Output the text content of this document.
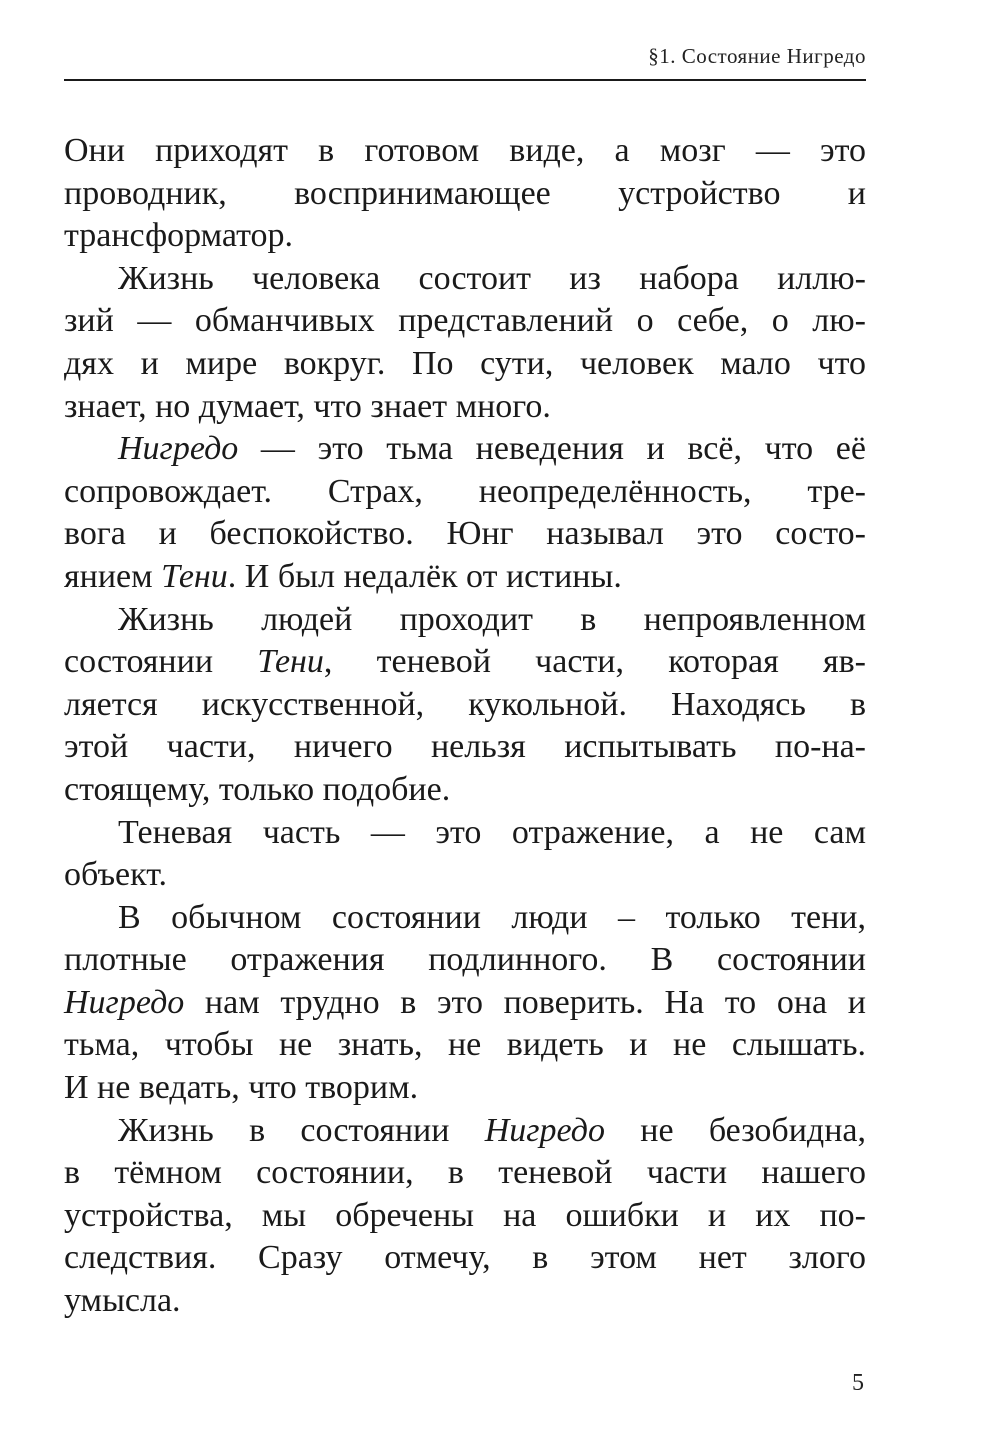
§1. Состояние Нигредо
Они приходят в готовом виде, а мозг — это
проводник, воспринимающее устройство и
трансформатор.
Жизнь человека состоит из набора иллю-
зий — обманчивых представлений о себе, о лю-
дях и мире вокруг. По сути, человек мало что
знает, но думает, что знает много.
Нигредо — это тьма неведения и всё, что её
сопровождает. Страх, неопределённость, тре-
вога и беспокойство. Юнг называл это состо-
янием Тени. И был недалёк от истины.
Жизнь людей проходит в непроявленном
состоянии Тени, теневой части, которая яв-
ляется искусственной, кукольной. Находясь в
этой части, ничего нельзя испытывать по-на-
стоящему, только подобие.
Теневая часть — это отражение, а не сам
объект.
В обычном состоянии люди – только тени,
плотные отражения подлинного. В состоянии
Нигредо нам трудно в это поверить. На то она и
тьма, чтобы не знать, не видеть и не слышать.
И не ведать, что творим.
Жизнь в состоянии Нигредо не безобидна,
в тёмном состоянии, в теневой части нашего
устройства, мы обречены на ошибки и их по-
следствия. Сразу отмечу, в этом нет злого
умысла.
5
